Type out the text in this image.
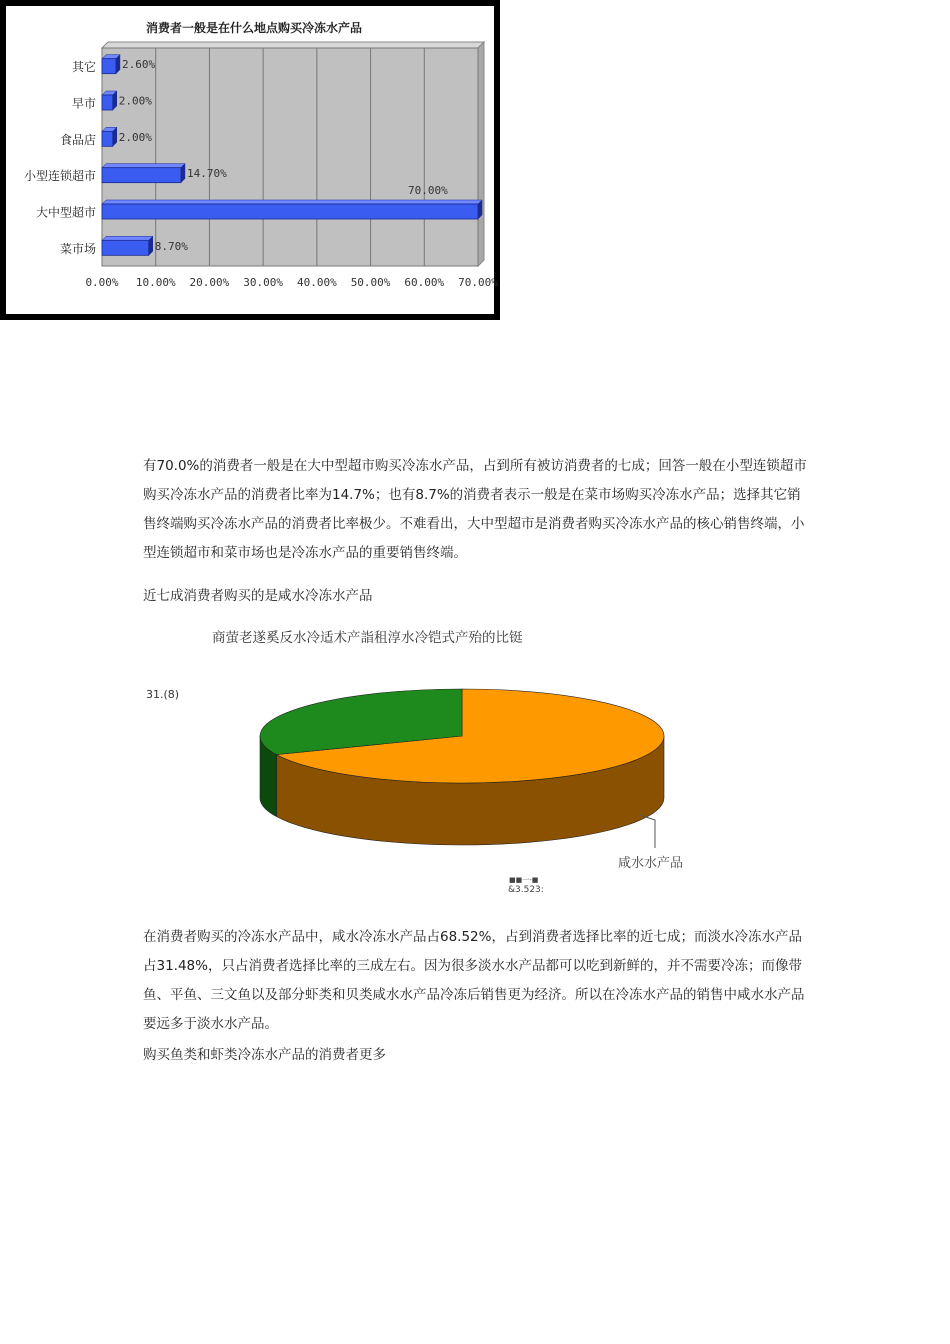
消费者一般是在什么地点购买冷冻水产品
0.00% 10.00% 20.00% 30.00% 40.00% 50.00% 60.00% 70.00%
其它 2.60%
早市 2.00%
食品店 2.00%
小型连锁超市	14.70%
大中型超市
70.00%
菜市场	8.70%

有70.0%的消费者一般是在大中型超市购买冷冻水产品，占到所有被访消费者的七成；回答一般在小型连锁超市购买冷冻水产品的消费者比率为14.7%；也有8.7%的消费者表示一般是在菜市场购买冷冻水产品；选择其它销售终端购买冷冻水产品的消费者比率极少。不难看出，大中型超市是消费者购买冷冻水产品的核心销售终端，小型连锁超市和菜市场也是冷冻水产品的重要销售终端。

近七成消费者购买的是咸水冷冻水产品

商萤老遂奚反水冷适术产詣租淳水冷铠式产殆的比铤
31.(8)
咸水水产品
■■一-■
&3.523:

在消费者购买的冷冻水产品中，咸水冷冻水产品占68.52%，占到消费者选择比率的近七成；而淡水冷冻水产品占31.48%，只占消费者选择比率的三成左右。因为很多淡水水产品都可以吃到新鲜的，并不需要冷冻；而像带鱼、平鱼、三文鱼以及部分虾类和贝类咸水水产品冷冻后销售更为经济。所以在冷冻水产品的销售中咸水水产品要远多于淡水水产品。

购买鱼类和虾类冷冻水产品的消费者更多
